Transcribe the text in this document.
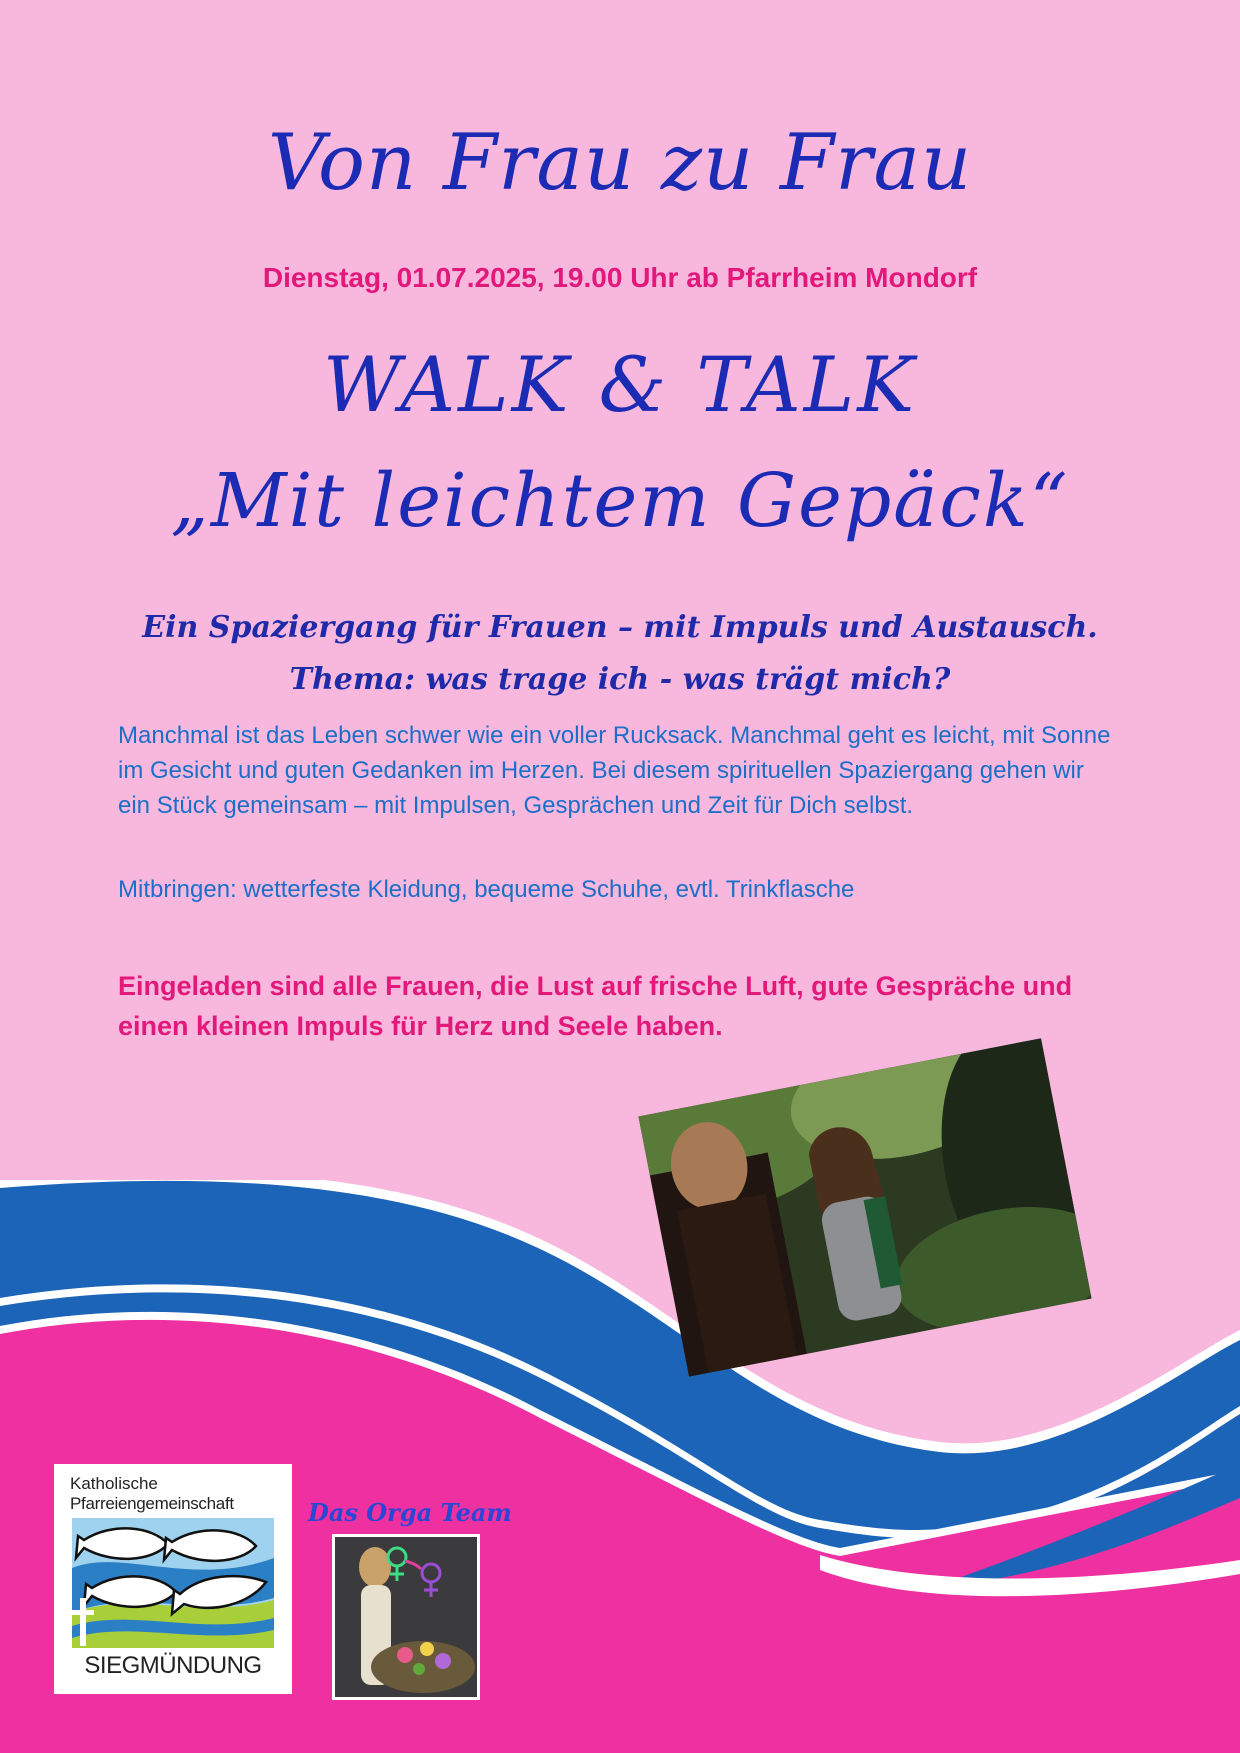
Von Frau zu Frau
Dienstag, 01.07.2025, 19.00 Uhr ab Pfarrheim Mondorf
WALK & TALK
„Mit leichtem Gepäck“
Ein Spaziergang für Frauen – mit Impuls und Austausch.
Thema: was trage ich - was trägt mich?
Manchmal ist das Leben schwer wie ein voller Rucksack. Manchmal geht es leicht, mit Sonne im Gesicht und guten Gedanken im Herzen. Bei diesem spirituellen Spaziergang gehen wir ein Stück gemeinsam – mit Impulsen, Gesprächen und Zeit für Dich selbst.
Mitbringen: wetterfeste Kleidung, bequeme Schuhe, evtl. Trinkflasche
Eingeladen sind alle Frauen, die Lust auf frische Luft, gute Gespräche und einen kleinen Impuls für Herz und Seele haben.
Katholische
Pfarreiengemeinschaft
SIEGMÜNDUNG
Das Orga Team
